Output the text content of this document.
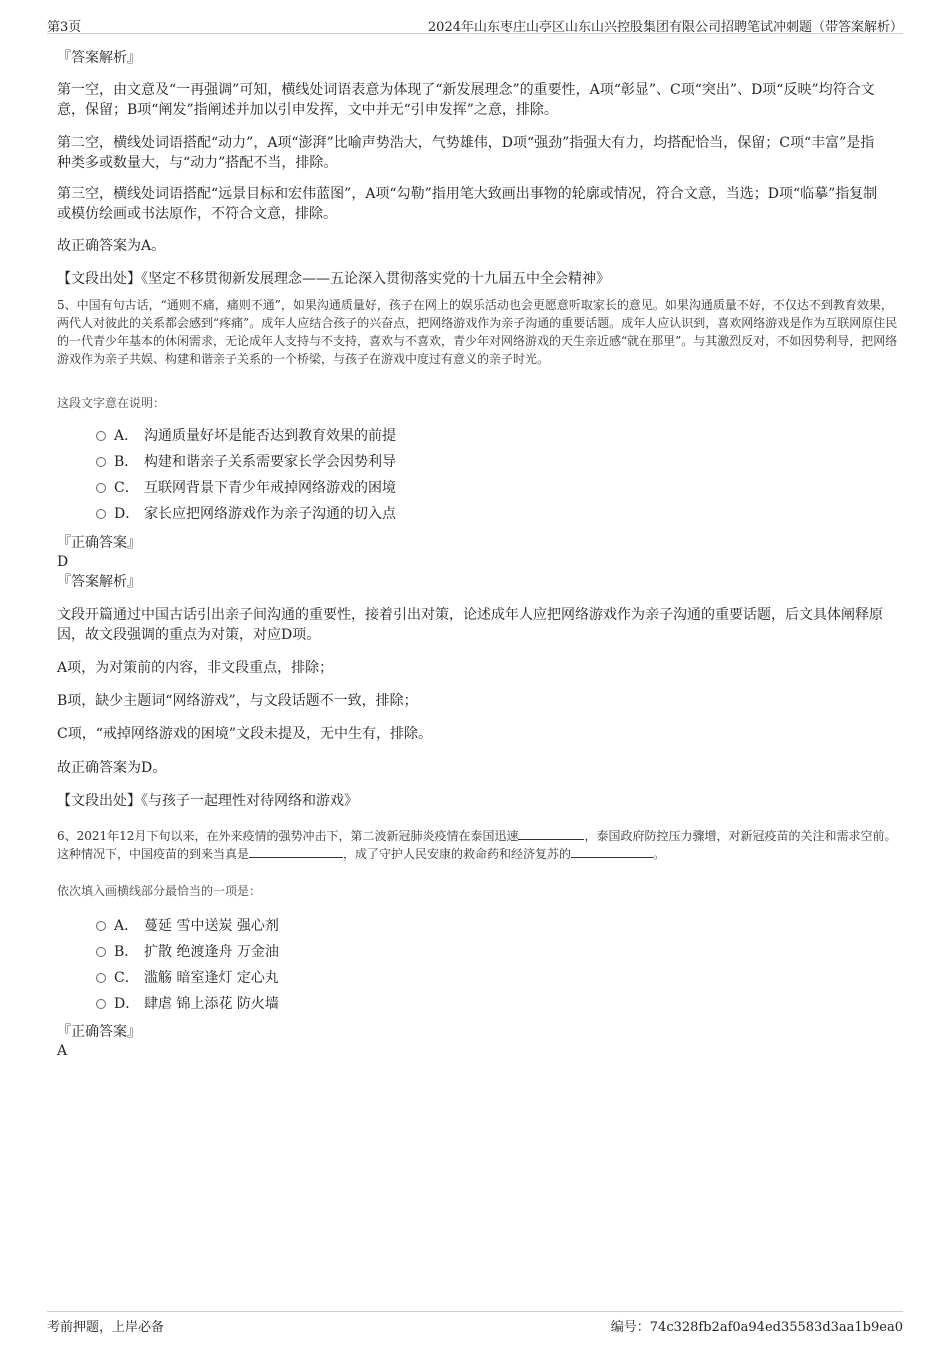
第3页	2024年山东枣庄山亭区山东山兴控股集团有限公司招聘笔试冲刺题（带答案解析）
『答案解析』
第一空，由文意及“一再强调”可知，横线处词语表意为体现了“新发展理念”的重要性，A项“彰显”、C项“突出”、D项“反映”均符合文意，保留；B项“阐发”指阐述并加以引申发挥，文中并无“引申发挥”之意，排除。
第二空，横线处词语搭配“动力”，A项“澎湃”比喻声势浩大，气势雄伟，D项“强劲”指强大有力，均搭配恰当，保留；C项“丰富”是指种类多或数量大，与“动力”搭配不当，排除。
第三空，横线处词语搭配“远景目标和宏伟蓝图”，A项“勾勒”指用笔大致画出事物的轮廓或情况，符合文意，当选；D项“临摹”指复制或模仿绘画或书法原作，不符合文意，排除。
故正确答案为A。
【文段出处】《坚定不移贯彻新发展理念——五论深入贯彻落实党的十九届五中全会精神》
5、中国有句古话，“通则不痛，痛则不通”，如果沟通质量好，孩子在网上的娱乐活动也会更愿意听取家长的意见。如果沟通质量不好，不仅达不到教育效果，两代人对彼此的关系都会感到“疼痛”。成年人应结合孩子的兴奋点，把网络游戏作为亲子沟通的重要话题。成年人应认识到，喜欢网络游戏是作为互联网原住民的一代青少年基本的休闲需求，无论成年人支持与不支持，喜欢与不喜欢，青少年对网络游戏的天生亲近感“就在那里”。与其激烈反对，不如因势利导，把网络游戏作为亲子共娱、构建和谐亲子关系的一个桥梁，与孩子在游戏中度过有意义的亲子时光。
这段文字意在说明：
A． 沟通质量好坏是能否达到教育效果的前提
B． 构建和谐亲子关系需要家长学会因势利导
C． 互联网背景下青少年戒掉网络游戏的困境
D． 家长应把网络游戏作为亲子沟通的切入点
『正确答案』
D
『答案解析』
文段开篇通过中国古话引出亲子间沟通的重要性，接着引出对策，论述成年人应把网络游戏作为亲子沟通的重要话题，后文具体阐释原因，故文段强调的重点为对策，对应D项。
A项，为对策前的内容，非文段重点，排除；
B项，缺少主题词“网络游戏”，与文段话题不一致，排除；
C项，“戒掉网络游戏的困境”文段未提及，无中生有，排除。
故正确答案为D。
【文段出处】《与孩子一起理性对待网络和游戏》
6、2021年12月下旬以来，在外来疫情的强势冲击下，第二波新冠肺炎疫情在泰国迅速	，泰国政府防控压力骤增，对新冠疫苗的关注和需求空前。这种情况下，中国疫苗的到来当真是	，成了守护人民安康的救命药和经济复苏的	。
依次填入画横线部分最恰当的一项是：
A． 蔓延 雪中送炭 强心剂
B． 扩散 绝渡逢舟 万金油
C． 滥觞 暗室逢灯 定心丸
D． 肆虐 锦上添花 防火墙
『正确答案』
A
考前押题，上岸必备	编号：74c328fb2af0a94ed35583d3aa1b9ea0
